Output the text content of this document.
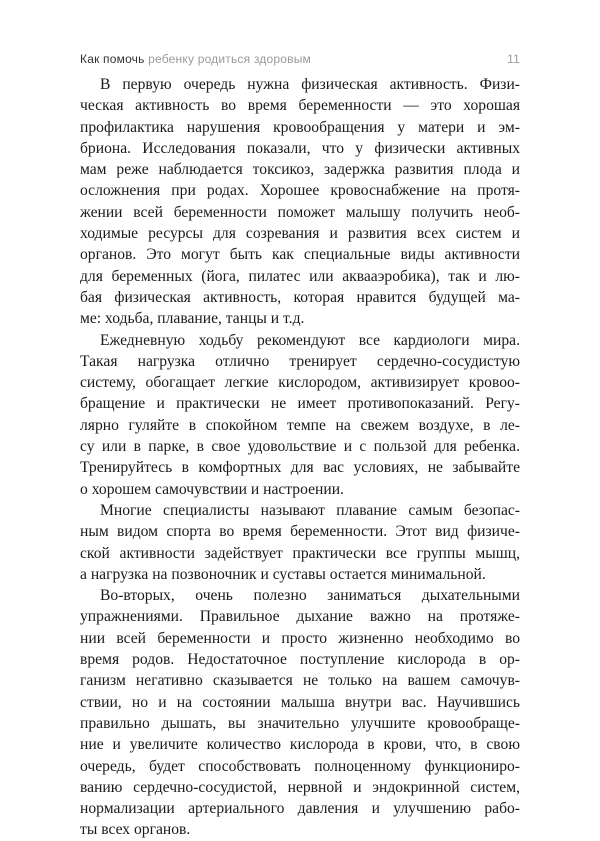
Как помочь ребенку родиться здоровым	11
В первую очередь нужна физическая активность. Физи-
ческая активность во время беременности — это хорошая
профилактика нарушения кровообращения у матери и эм-
бриона. Исследования показали, что у физически активных
мам реже наблюдается токсикоз, задержка развития плода и
осложнения при родах. Хорошее кровоснабжение на протя-
жении всей беременности поможет малышу получить необ-
ходимые ресурсы для созревания и развития всех систем и
органов. Это могут быть как специальные виды активности
для беременных (йога, пилатес или аквааэробика), так и лю-
бая физическая активность, которая нравится будущей ма-
ме: ходьба, плавание, танцы и т.д.
Ежедневную ходьбу рекомендуют все кардиологи мира.
Такая нагрузка отлично тренирует сердечно-сосудистую
систему, обогащает легкие кислородом, активизирует кровоо-
бращение и практически не имеет противопоказаний. Регу-
лярно гуляйте в спокойном темпе на свежем воздухе, в ле-
су или в парке, в свое удовольствие и с пользой для ребенка.
Тренируйтесь в комфортных для вас условиях, не забывайте
о хорошем самочувствии и настроении.
Многие специалисты называют плавание самым безопас-
ным видом спорта во время беременности. Этот вид физиче-
ской активности задействует практически все группы мышц,
а нагрузка на позвоночник и суставы остается минимальной.
Во-вторых, очень полезно заниматься дыхательными
упражнениями. Правильное дыхание важно на протяже-
нии всей беременности и просто жизненно необходимо во
время родов. Недостаточное поступление кислорода в ор-
ганизм негативно сказывается не только на вашем самочув-
ствии, но и на состоянии малыша внутри вас. Научившись
правильно дышать, вы значительно улучшите кровообраще-
ние и увеличите количество кислорода в крови, что, в свою
очередь, будет способствовать полноценному функциониро-
ванию сердечно-сосудистой, нервной и эндокринной систем,
нормализации артериального давления и улучшению рабо-
ты всех органов.
